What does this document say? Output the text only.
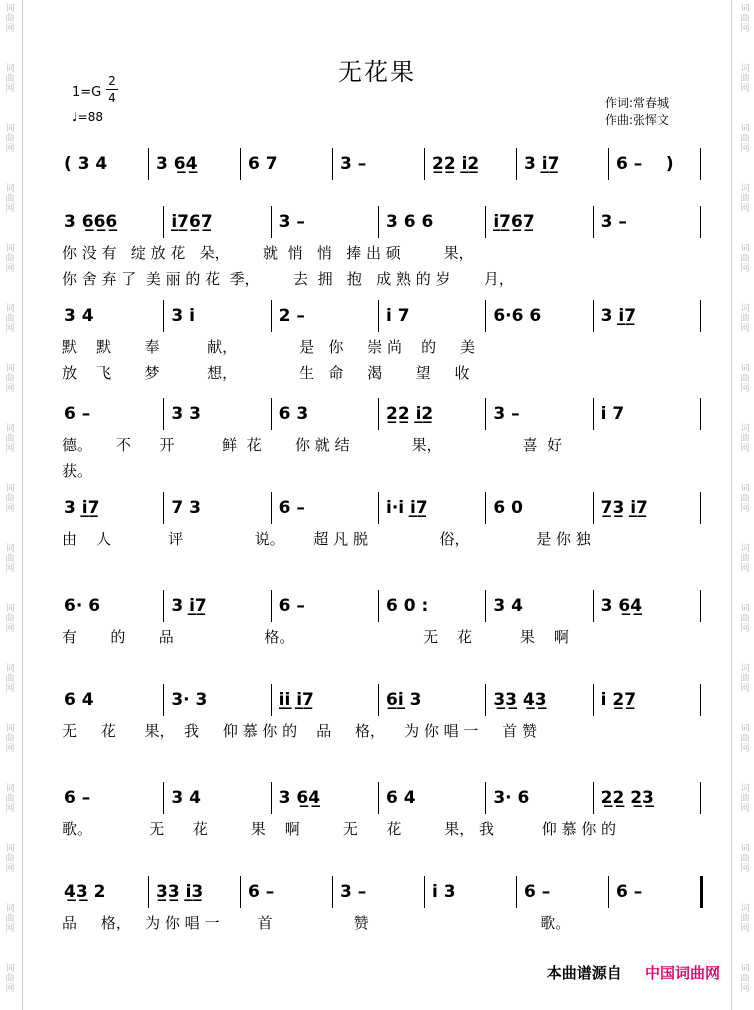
词
曲
网
词
曲
网
词
曲
网
词
曲
网
词
曲
网
词
曲
网
词
曲
网
词
曲
网
词
曲
网
词
曲
网
词
曲
网
词
曲
网
词
曲
网
词
曲
网
词
曲
网
词
曲
网
词
曲
网
词
曲
网
词
曲
网
词
曲
网
词
曲
网
词
曲
网
词
曲
网
词
曲
网
词
曲
网
词
曲
网
词
曲
网
词
曲
网
词
曲
网
词
曲
网
词
曲
网
词
曲
网
词
曲
网
词
曲
网
无花果
1=G
2
4
♩=88
作词:常春城
作曲:张恽文
( 3 4	3 6̲4̲	6 7	3 –	2̲2̲ i̲2̲	3 i̲7̲	6 –    )
3 6̲6̲6̲	i̲7̲6̲7̲	3 –	3 6 6	i̲7̲6̲7̲	3 –
你 没 有   绽 放 花   朵，       就  悄   悄   捧 出 硕         果，
你 舍 弃 了  美 丽 的 花  季，       去  拥   抱   成 熟 的 岁       月，
3 4	3 i	2 –	i 7	6·6 6	3 i̲7̲
默    默       奉          献，             是   你     崇 尚    的     美
放    飞       梦          想，             生   命     渴       望     收
6 –	3 3	6 3	2̲2̲ i̲2̲	3 –	i 7
德。     不      开          鲜  花       你 就 结             果，                 喜  好
获。
3 i̲7̲	7 3	6 –	i·i i̲7̲	6 0	7̲3̲ i̲7̲
由    人            评               说。      超 凡 脱               俗，              是 你 独
6· 6	3 i̲7̲	6 –	6 0 :	3 4	3 6̲4̲
有       的       品                   格。                           无    花          果    啊
6 4	3· 3	i̲i̲ i̲7̲	6̲i̲ 3	3̲3̲ 4̲3̲	i 2̲7̲
无     花      果，  我     仰 慕 你 的    品     格，    为 你 唱 一     首 赞
6 –	3 4	3 6̲4̲	6 4	3· 6	2̲2̲ 2̲3̲
歌。            无      花         果    啊         无      花         果， 我          仰 慕 你 的
4̲3̲ 2	3̲3̲ i̲3̲	6 –	3 –	i 3	6 –	6 –
品     格，   为 你 唱 一        首                 赞                                    歌。
本曲谱源自 中国词曲网
